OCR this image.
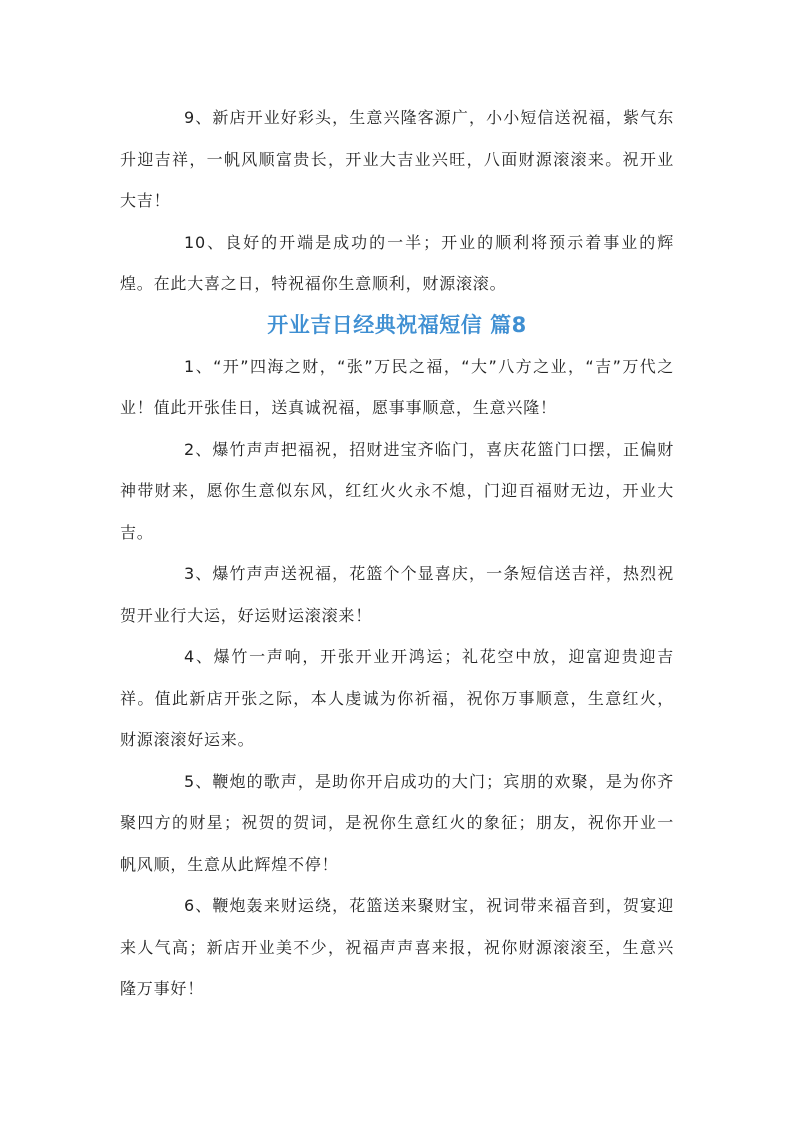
9、新店开业好彩头，生意兴隆客源广，小小短信送祝福，紫气东升迎吉祥，一帆风顺富贵长，开业大吉业兴旺，八面财源滚滚来。祝开业大吉！

10、良好的开端是成功的一半；开业的顺利将预示着事业的辉煌。在此大喜之日，特祝福你生意顺利，财源滚滚。

开业吉日经典祝福短信 篇8

1、“开”四海之财，“张”万民之福，“大”八方之业，“吉”万代之业！值此开张佳日，送真诚祝福，愿事事顺意，生意兴隆！

2、爆竹声声把福祝，招财进宝齐临门，喜庆花篮门口摆，正偏财神带财来，愿你生意似东风，红红火火永不熄，门迎百福财无边，开业大吉。

3、爆竹声声送祝福，花篮个个显喜庆，一条短信送吉祥，热烈祝贺开业行大运，好运财运滚滚来！

4、爆竹一声响，开张开业开鸿运；礼花空中放，迎富迎贵迎吉祥。值此新店开张之际，本人虔诚为你祈福，祝你万事顺意，生意红火，财源滚滚好运来。

5、鞭炮的歌声，是助你开启成功的大门；宾朋的欢聚，是为你齐聚四方的财星；祝贺的贺词，是祝你生意红火的象征；朋友，祝你开业一帆风顺，生意从此辉煌不停！

6、鞭炮轰来财运绕，花篮送来聚财宝，祝词带来福音到，贺宴迎来人气高；新店开业美不少，祝福声声喜来报，祝你财源滚滚至，生意兴隆万事好！
